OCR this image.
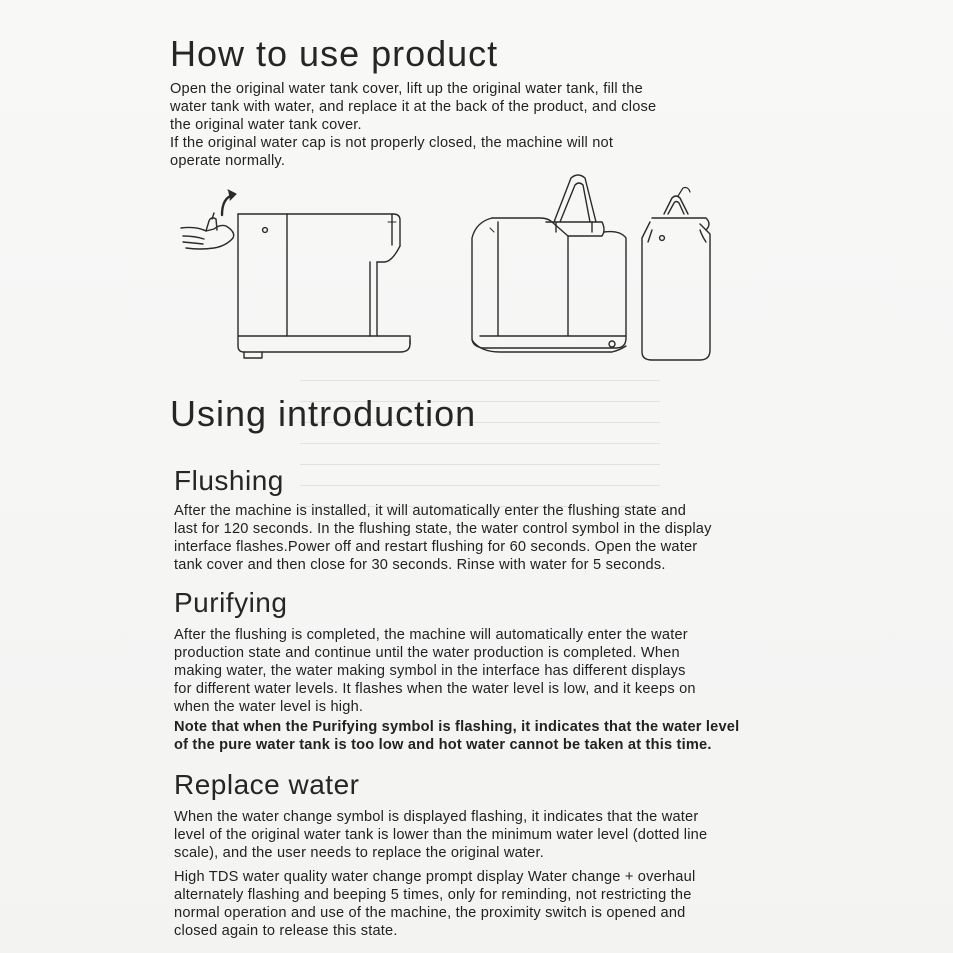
How to use product

Open the original water tank cover, lift up the original water tank, fill the

water tank with water, and replace it at the back of the product, and close

the original water tank cover.

If the original water cap is not properly closed, the machine will not

operate normally.

Using introduction
Flushing

After the machine is installed, it will automatically enter the flushing state and

last for 120 seconds. In the flushing state, the water control symbol in the display

interface flashes.Power off and restart flushing for 60 seconds. Open the water

tank cover and then close for 30 seconds. Rinse with water for 5 seconds.

Purifying

After the flushing is completed, the machine will automatically enter the water

production state and continue until the water production is completed. When

making water, the water making symbol in the interface has different displays

for different water levels. It flashes when the water level is low, and it keeps on

when the water level is high.

Note that when the Purifying symbol is flashing, it indicates that the water level

of the pure water tank is too low and hot water cannot be taken at this time.

Replace water

When the water change symbol is displayed flashing, it indicates that the water

level of the original water tank is lower than the minimum water level (dotted line

scale), and the user needs to replace the original water.

High TDS water quality water change prompt display Water change + overhaul

alternately flashing and beeping 5 times, only for reminding, not restricting the

normal operation and use of the machine, the proximity switch is opened and

closed again to release this state.
